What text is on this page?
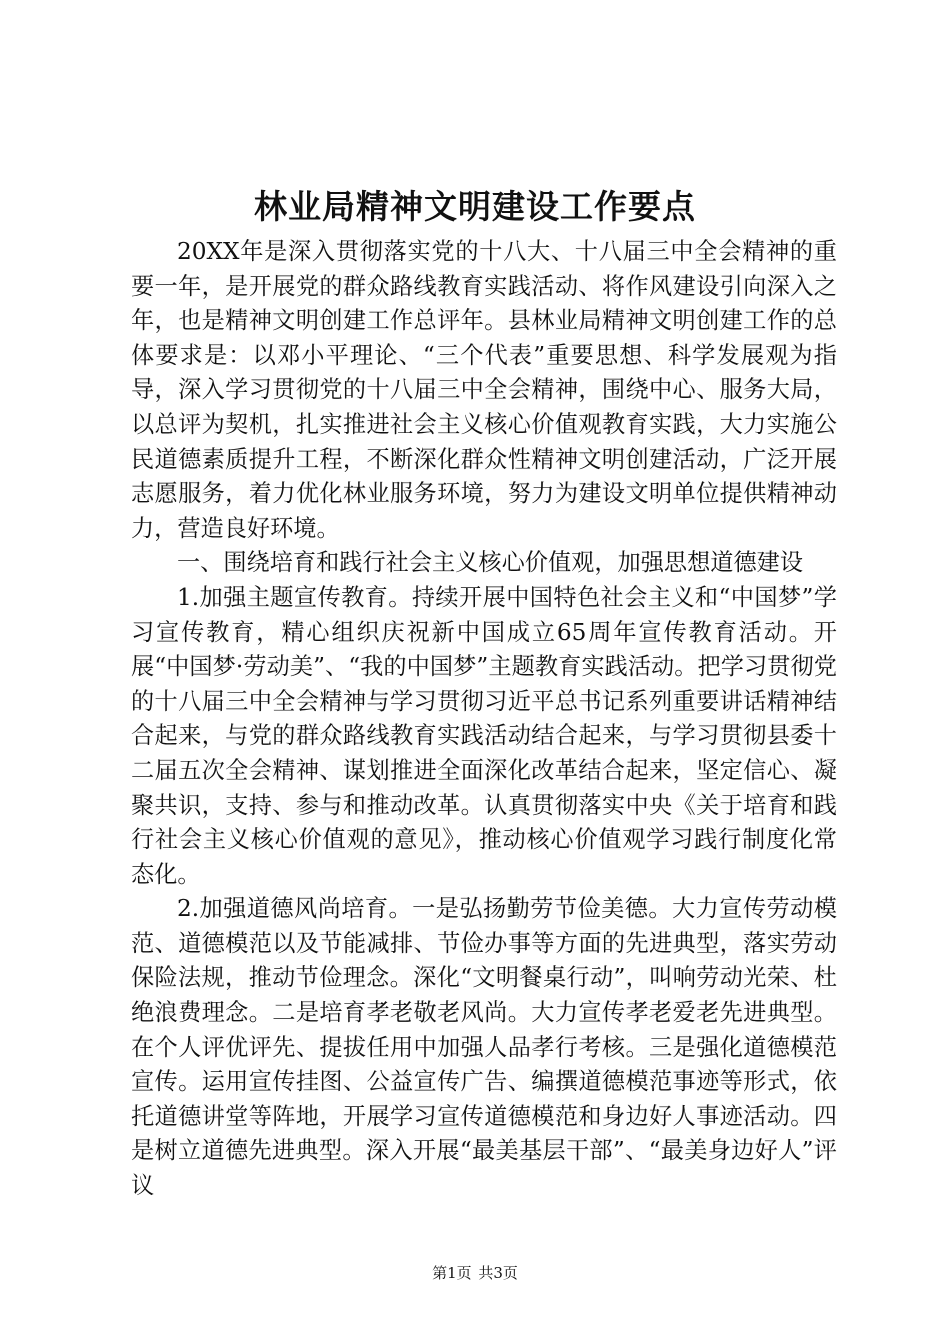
林业局精神文明建设工作要点

20XX年是深入贯彻落实党的十八大、十八届三中全会精神的重要一年，是开展党的群众路线教育实践活动、将作风建设引向深入之年，也是精神文明创建工作总评年。县林业局精神文明创建工作的总体要求是：以邓小平理论、“三个代表”重要思想、科学发展观为指导，深入学习贯彻党的十八届三中全会精神，围绕中心、服务大局，以总评为契机，扎实推进社会主义核心价值观教育实践，大力实施公民道德素质提升工程，不断深化群众性精神文明创建活动，广泛开展志愿服务，着力优化林业服务环境，努力为建设文明单位提供精神动力，营造良好环境。

一、围绕培育和践行社会主义核心价值观，加强思想道德建设

1.加强主题宣传教育。持续开展中国特色社会主义和“中国梦”学习宣传教育，精心组织庆祝新中国成立65周年宣传教育活动。开展“中国梦·劳动美”、“我的中国梦”主题教育实践活动。把学习贯彻党的十八届三中全会精神与学习贯彻习近平总书记系列重要讲话精神结合起来，与党的群众路线教育实践活动结合起来，与学习贯彻县委十二届五次全会精神、谋划推进全面深化改革结合起来，坚定信心、凝聚共识，支持、参与和推动改革。认真贯彻落实中央《关于培育和践行社会主义核心价值观的意见》，推动核心价值观学习践行制度化常态化。

2.加强道德风尚培育。一是弘扬勤劳节俭美德。大力宣传劳动模范、道德模范以及节能减排、节俭办事等方面的先进典型，落实劳动保险法规，推动节俭理念。深化“文明餐桌行动”，叫响劳动光荣、杜绝浪费理念。二是培育孝老敬老风尚。大力宣传孝老爱老先进典型。在个人评优评先、提拔任用中加强人品孝行考核。三是强化道德模范宣传。运用宣传挂图、公益宣传广告、编撰道德模范事迹等形式，依托道德讲堂等阵地，开展学习宣传道德模范和身边好人事迹活动。四是树立道德先进典型。深入开展“最美基层干部”、“最美身边好人”评议

第1页 共3页
